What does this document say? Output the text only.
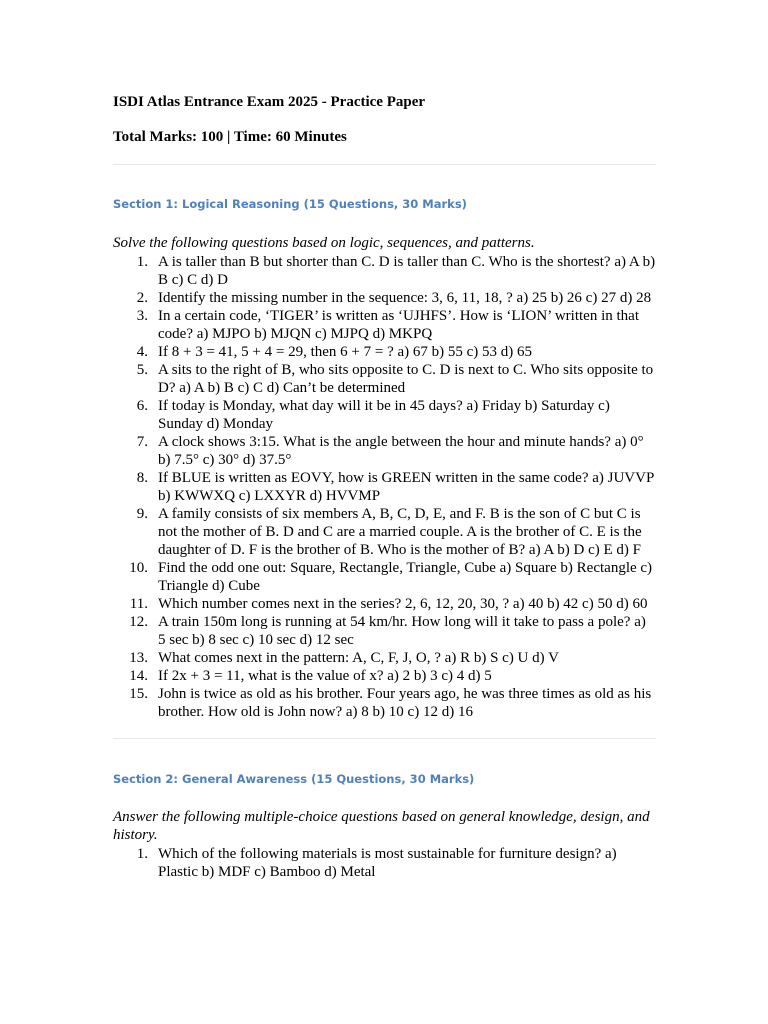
ISDI Atlas Entrance Exam 2025 - Practice Paper

Total Marks: 100 | Time: 60 Minutes

Section 1: Logical Reasoning (15 Questions, 30 Marks)

Solve the following questions based on logic, sequences, and patterns.

1. A is taller than B but shorter than C. D is taller than C. Who is the shortest? a) A b) B c) C d) D
2. Identify the missing number in the sequence: 3, 6, 11, 18, ? a) 25 b) 26 c) 27 d) 28
3. In a certain code, ‘TIGER’ is written as ‘UJHFS’. How is ‘LION’ written in that code? a) MJPO b) MJQN c) MJPQ d) MKPQ
4. If 8 + 3 = 41, 5 + 4 = 29, then 6 + 7 = ? a) 67 b) 55 c) 53 d) 65
5. A sits to the right of B, who sits opposite to C. D is next to C. Who sits opposite to D? a) A b) B c) C d) Can’t be determined
6. If today is Monday, what day will it be in 45 days? a) Friday b) Saturday c) Sunday d) Monday
7. A clock shows 3:15. What is the angle between the hour and minute hands? a) 0° b) 7.5° c) 30° d) 37.5°
8. If BLUE is written as EOVY, how is GREEN written in the same code? a) JUVVP b) KWWXQ c) LXXYR d) HVVMP
9. A family consists of six members A, B, C, D, E, and F. B is the son of C but C is not the mother of B. D and C are a married couple. A is the brother of C. E is the daughter of D. F is the brother of B. Who is the mother of B? a) A b) D c) E d) F
10. Find the odd one out: Square, Rectangle, Triangle, Cube a) Square b) Rectangle c) Triangle d) Cube
11. Which number comes next in the series? 2, 6, 12, 20, 30, ? a) 40 b) 42 c) 50 d) 60
12. A train 150m long is running at 54 km/hr. How long will it take to pass a pole? a) 5 sec b) 8 sec c) 10 sec d) 12 sec
13. What comes next in the pattern: A, C, F, J, O, ? a) R b) S c) U d) V
14. If 2x + 3 = 11, what is the value of x? a) 2 b) 3 c) 4 d) 5
15. John is twice as old as his brother. Four years ago, he was three times as old as his brother. How old is John now? a) 8 b) 10 c) 12 d) 16

Section 2: General Awareness (15 Questions, 30 Marks)

Answer the following multiple-choice questions based on general knowledge, design, and history.

1. Which of the following materials is most sustainable for furniture design? a) Plastic b) MDF c) Bamboo d) Metal
